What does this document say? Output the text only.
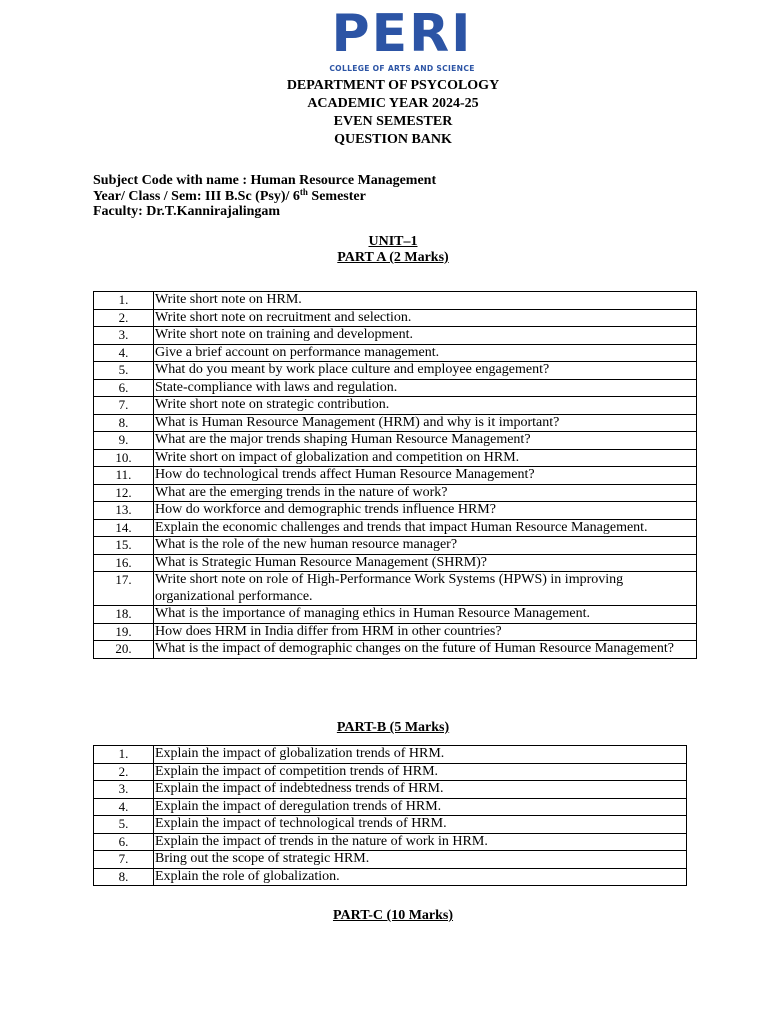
PERI
COLLEGE OF ARTS AND SCIENCE
DEPARTMENT OF PSYCOLOGY
ACADEMIC YEAR 2024-25
EVEN SEMESTER
QUESTION BANK
Subject Code with name : Human Resource Management
Year/ Class / Sem: III B.Sc (Psy)/ 6th Semester
Faculty: Dr.T.Kannirajalingam
UNIT–1
PART A (2 Marks)
1.	Write short note on HRM.
2.	Write short note on recruitment and selection.
3.	Write short note on training and development.
4.	Give a brief account on performance management.
5.	What do you meant by work place culture and employee engagement?
6.	State-compliance with laws and regulation.
7.	Write short note on strategic contribution.
8.	What is Human Resource Management (HRM) and why is it important?
9.	What are the major trends shaping Human Resource Management?
10.	Write short on impact of globalization and competition on HRM.
11.	How do technological trends affect Human Resource Management?
12.	What are the emerging trends in the nature of work?
13.	How do workforce and demographic trends influence HRM?
14.	Explain the economic challenges and trends that impact Human Resource Management.
15.	What is the role of the new human resource manager?
16.	What is Strategic Human Resource Management (SHRM)?
17.	Write short note on role of High-Performance Work Systems (HPWS) in improving organizational performance.
18.	What is the importance of managing ethics in Human Resource Management.
19.	How does HRM in India differ from HRM in other countries?
20.	What is the impact of demographic changes on the future of Human Resource Management?
PART-B (5 Marks)
1.	Explain the impact of globalization trends of HRM.
2.	Explain the impact of competition trends of HRM.
3.	Explain the impact of indebtedness trends of HRM.
4.	Explain the impact of deregulation trends of HRM.
5.	Explain the impact of technological trends of HRM.
6.	Explain the impact of trends in the nature of work in HRM.
7.	Bring out the scope of strategic HRM.
8.	Explain the role of globalization.
PART-C (10 Marks)
